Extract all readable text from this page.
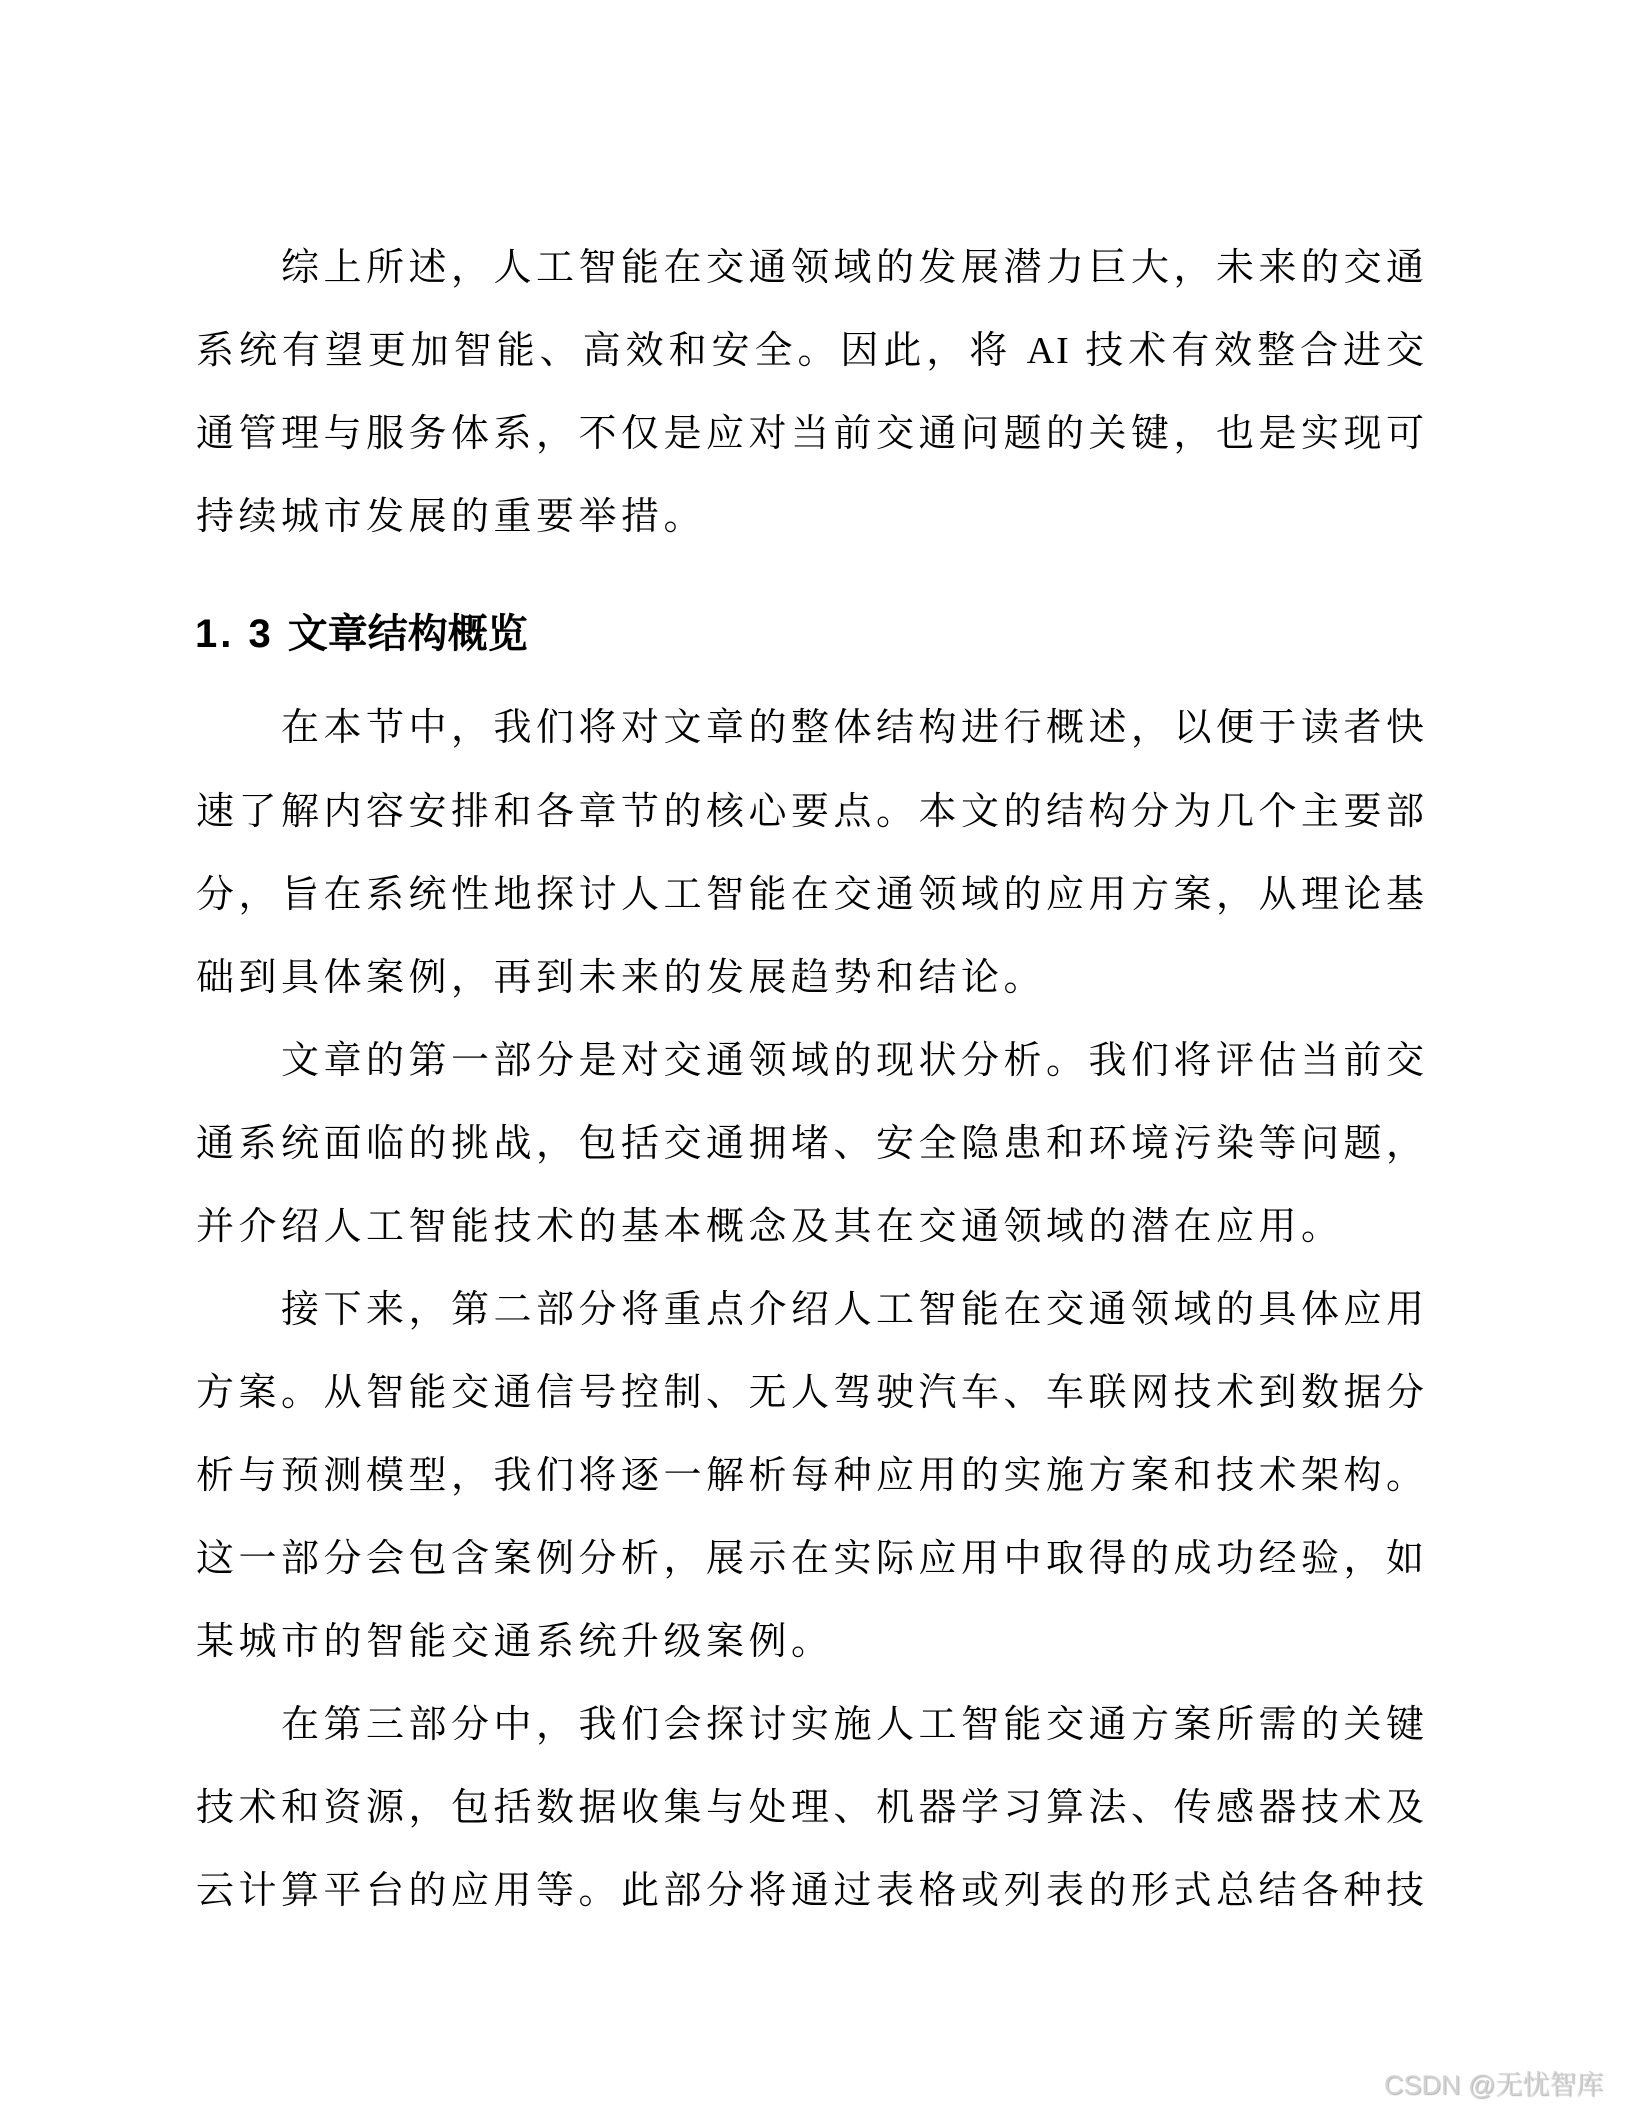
综上所述，人工智能在交通领域的发展潜力巨大，未来的交通
系统有望更加智能、高效和安全。因此，将 AI 技术有效整合进交
通管理与服务体系，不仅是应对当前交通问题的关键，也是实现可
持续城市发展的重要举措。
1. 3 文章结构概览
在本节中，我们将对文章的整体结构进行概述，以便于读者快
速了解内容安排和各章节的核心要点。本文的结构分为几个主要部
分，旨在系统性地探讨人工智能在交通领域的应用方案，从理论基
础到具体案例，再到未来的发展趋势和结论。
文章的第一部分是对交通领域的现状分析。我们将评估当前交
通系统面临的挑战，包括交通拥堵、安全隐患和环境污染等问题，
并介绍人工智能技术的基本概念及其在交通领域的潜在应用。
接下来，第二部分将重点介绍人工智能在交通领域的具体应用
方案。从智能交通信号控制、无人驾驶汽车、车联网技术到数据分
析与预测模型，我们将逐一解析每种应用的实施方案和技术架构。
这一部分会包含案例分析，展示在实际应用中取得的成功经验，如
某城市的智能交通系统升级案例。
在第三部分中，我们会探讨实施人工智能交通方案所需的关键
技术和资源，包括数据收集与处理、机器学习算法、传感器技术及
云计算平台的应用等。此部分将通过表格或列表的形式总结各种技
CSDN @无忧智库
